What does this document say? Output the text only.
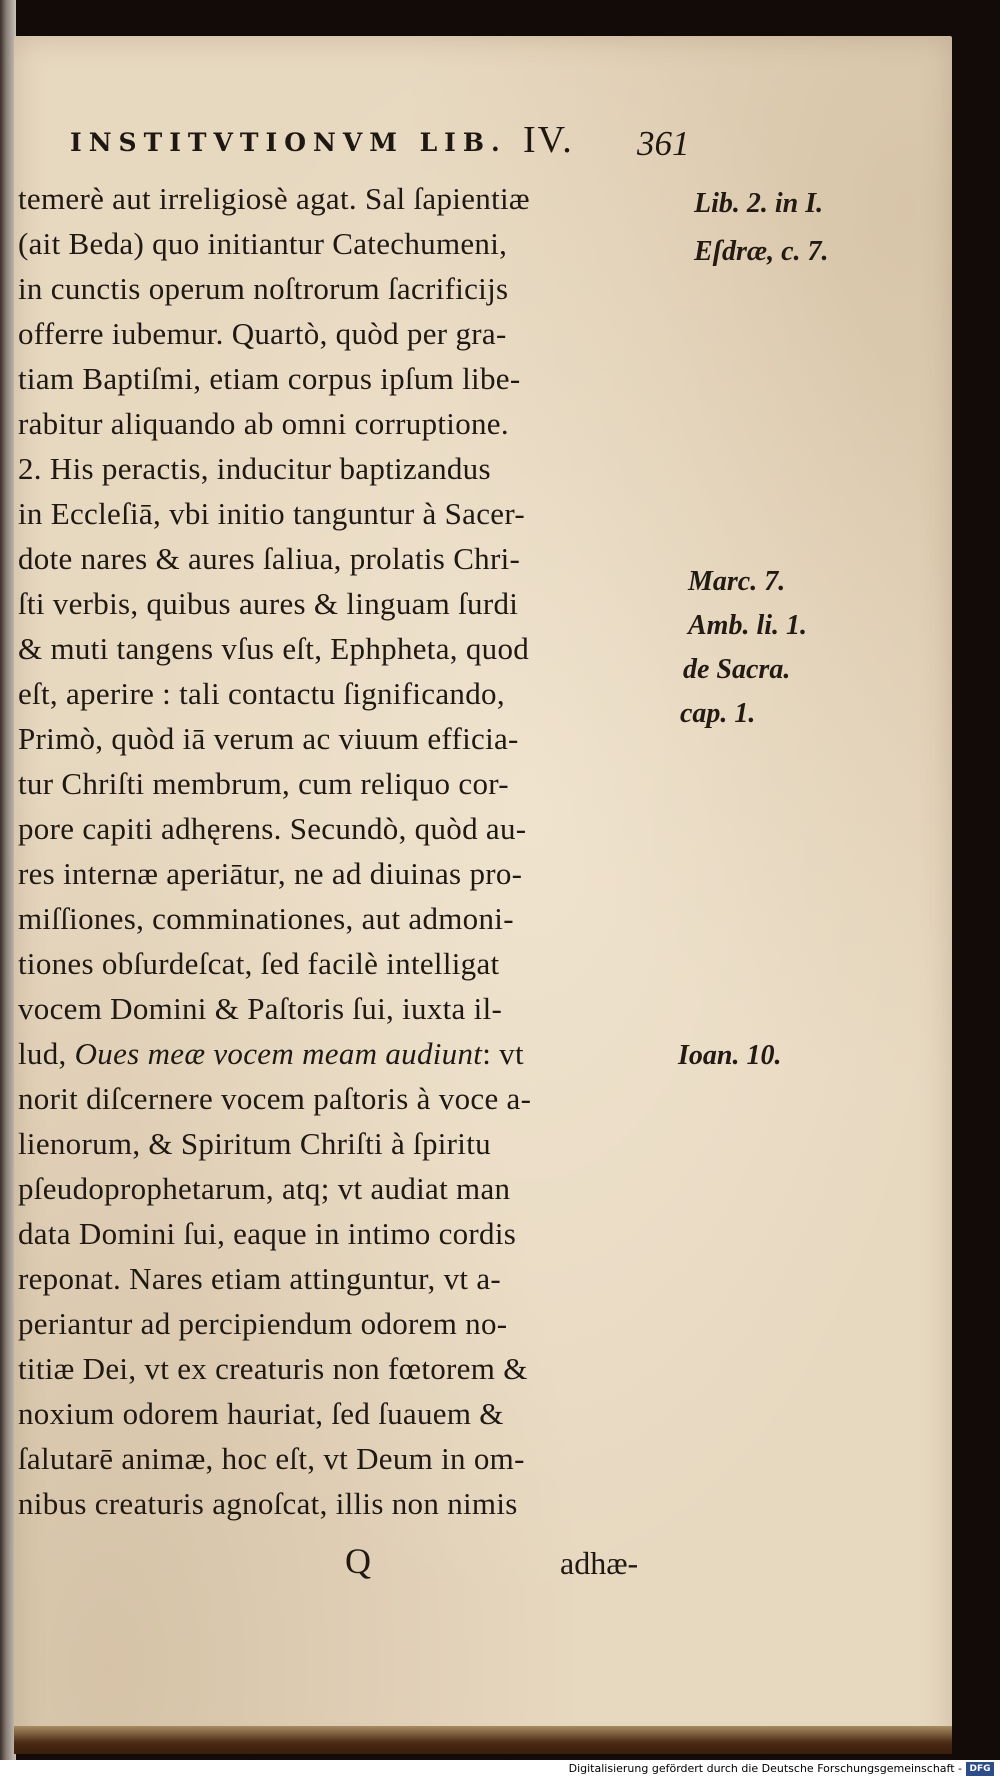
INSTITVTIONVM LIB. IV. 361
temerè aut irreligiosè agat. Sal ſapientiæ
(ait Beda) quo initiantur Catechumeni,
in cunctis operum noſtrorum ſacrificijs
offerre iubemur. Quartò, quòd per gra-
tiam Baptiſmi, etiam corpus ipſum libe-
rabitur aliquando ab omni corruptione.
2. His peractis, inducitur baptizandus
in Eccleſiā, vbi initio tanguntur à Sacer-
dote nares & aures ſaliua, prolatis Chri-
ſti verbis, quibus aures & linguam ſurdi
& muti tangens vſus eſt, Ephpheta, quod
eſt, aperire : tali contactu ſignificando,
Primò, quòd iā verum ac viuum efficia-
tur Chriſti membrum, cum reliquo cor-
pore capiti adhęrens. Secundò, quòd au-
res internæ aperiātur, ne ad diuinas pro-
miſſiones, comminationes, aut admoni-
tiones obſurdeſcat, ſed facilè intelligat
vocem Domini & Paſtoris ſui, iuxta il-
lud, Oues meæ vocem meam audiunt: vt
norit diſcernere vocem paſtoris à voce a-
lienorum, & Spiritum Chriſti à ſpiritu
pſeudoprophetarum, atq; vt audiat man
data Domini ſui, eaque in intimo cordis
reponat. Nares etiam attinguntur, vt a-
periantur ad percipiendum odorem no-
titiæ Dei, vt ex creaturis non fœtorem &
noxium odorem hauriat, ſed ſuauem &
ſalutarē animæ, hoc eſt, vt Deum in om-
nibus creaturis agnoſcat, illis non nimis
Lib. 2. in I.
Eſdræ, c. 7.
Marc. 7.
Amb. li. 1.
de Sacra.
cap. 1.
Ioan. 10.
Q	adhæ-
Digitalisierung gefördert durch die Deutsche Forschungsgemeinschaft - DFG
